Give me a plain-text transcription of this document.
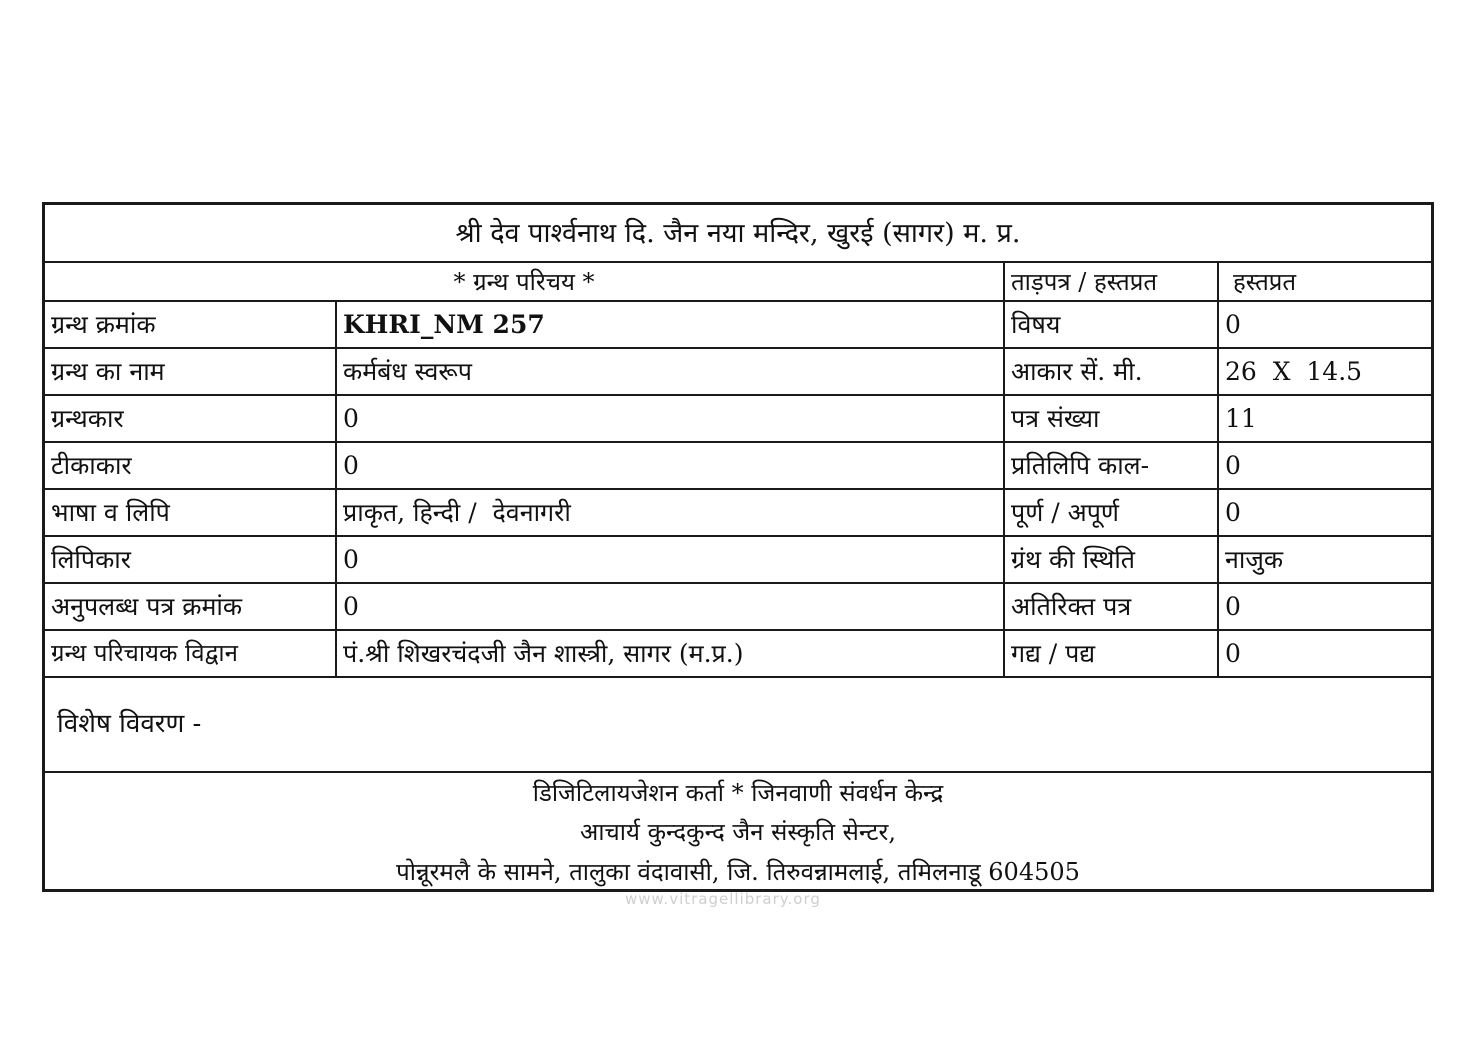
श्री देव पार्श्वनाथ दि. जैन नया मन्दिर, खुरई (सागर) म. प्र.
* ग्रन्थ परिचय *	ताड़पत्र / हस्तप्रत	हस्तप्रत
ग्रन्थ क्रमांक	KHRI_NM 257	विषय	0
ग्रन्थ का नाम	कर्मबंध स्वरूप	आकार सें. मी.	26  X  14.5
ग्रन्थकार	0	पत्र संख्या	11
टीकाकार	0	प्रतिलिपि काल-	0
भाषा व लिपि	प्राकृत, हिन्दी /  देवनागरी	पूर्ण / अपूर्ण	0
लिपिकार	0	ग्रंथ की स्थिति	नाजुक
अनुपलब्ध पत्र क्रमांक	0	अतिरिक्त पत्र	0
ग्रन्थ परिचायक विद्वान	पं.श्री शिखरचंदजी जैन शास्त्री, सागर (म.प्र.)	गद्य / पद्य	0
विशेष विवरण -
डिजिटिलायजेशन कर्ता * जिनवाणी संवर्धन केन्द्र
आचार्य कुन्दकुन्द जैन संस्कृति सेन्टर,
पोन्नूरमलै के सामने, तालुका वंदावासी, जि. तिरुवन्नामलाई, तमिलनाडू 604505
www.vitragellibrary.org
